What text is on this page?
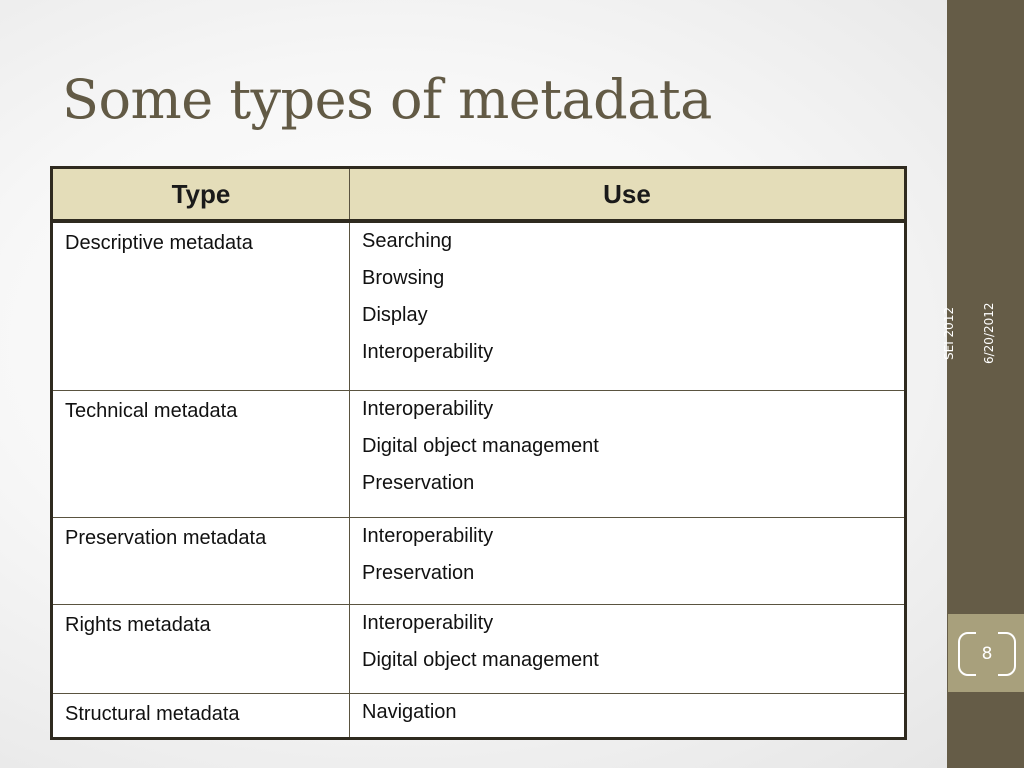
Some types of metadata
SEI 2012 6/20/2012
8
Type	Use
Descriptive metadata	Searching
Browsing
Display
Interoperability

Technical metadata	Interoperability
Digital object management
Preservation

Preservation metadata	Interoperability
Preservation

Rights metadata	Interoperability
Digital object management

Structural metadata	Navigation
